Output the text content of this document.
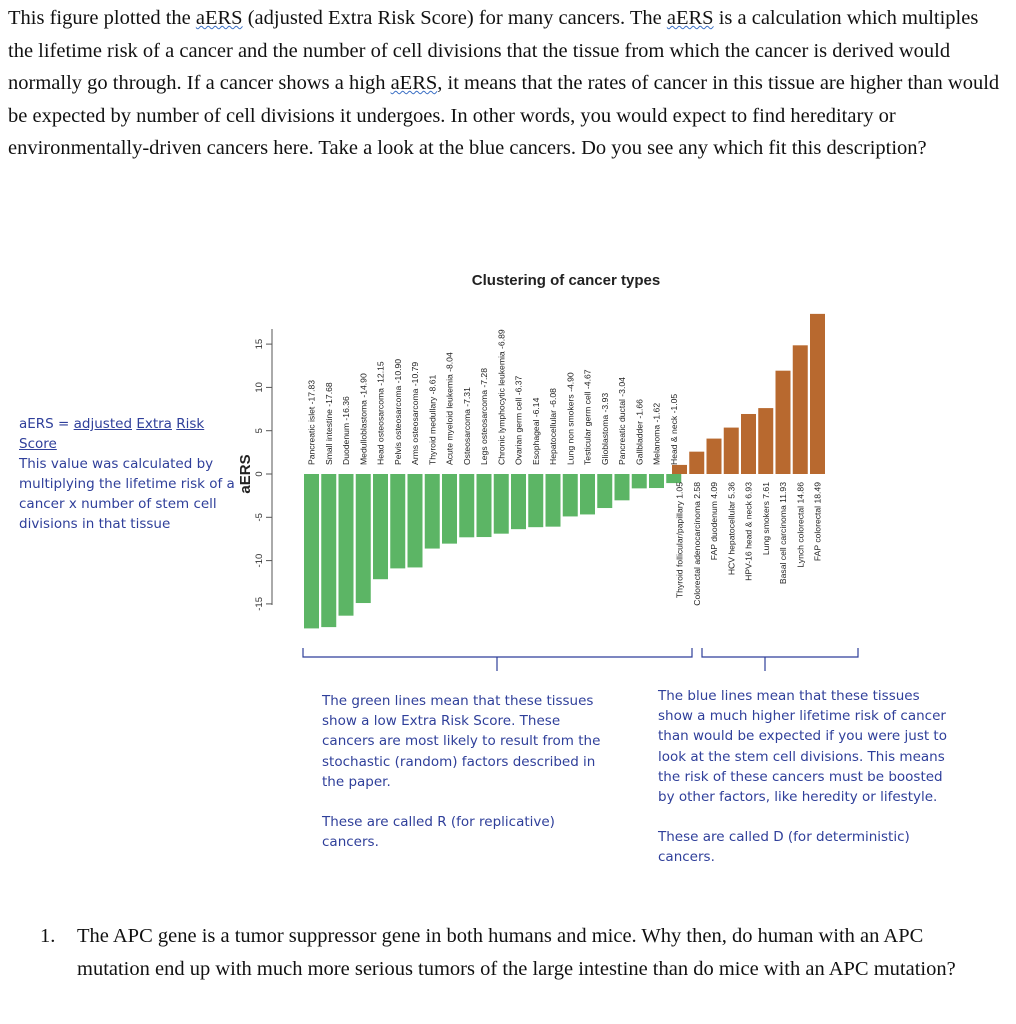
This figure plotted the aERS (adjusted Extra Risk Score) for many cancers. The aERS is a calculation which multiples the lifetime risk of a cancer and the number of cell divisions that the tissue from which the cancer is derived would normally go through. If a cancer shows a high aERS, it means that the rates of cancer in this tissue are higher than would be expected by number of cell divisions it undergoes. In other words, you would expect to find hereditary or environmentally-driven cancers here. Take a look at the blue cancers. Do you see any which fit this description?
aERS = adjusted Extra Risk Score
This value was calculated by multiplying the lifetime risk of a cancer x number of stem cell divisions in that tissue
Clustering of cancer types
aERS
-15
-10
-5
0
5
10
15
Pancreatic islet -17.83 Small intestine -17.68 Duodenum -16.36 Medulloblastoma -14.90 Head osteosarcoma -12.15 Pelvis osteosarcoma -10.90 Arms osteosarcoma -10.79 Thyroid medullary -8.61 Acute myeloid leukemia -8.04 Osteosarcoma -7.31 Legs osteosarcoma -7.28 Chronic lymphocytic leukemia -6.89 Ovarian germ cell -6.37 Esophageal -6.14 Hepatocellular -6.08 Lung non smokers -4.90 Testicular germ cell -4.67 Glioblastoma -3.93 Pancreatic ductal -3.04 Gallbladder -1.66 Melanoma -1.62 Head & neck -1.05
Thyroid follicular/papillary 1.05 Colorectal adenocarcinoma 2.58 FAP duodenum 4.09 HCV hepatocellular 5.36 HPV-16 head & neck 6.93 Lung smokers 7.61 Basal cell carcinoma 11.93 Lynch colorectal 14.86 FAP colorectal 18.49
The green lines mean that these tissues show a low Extra Risk Score. These cancers are most likely to result from the stochastic (random) factors described in the paper.
These are called R (for replicative) cancers.
The blue lines mean that these tissues show a much higher lifetime risk of cancer than would be expected if you were just to look at the stem cell divisions. This means the risk of these cancers must be boosted by other factors, like heredity or lifestyle.
These are called D (for deterministic) cancers.
1. The APC gene is a tumor suppressor gene in both humans and mice. Why then, do human with an APC mutation end up with much more serious tumors of the large intestine than do mice with an APC mutation?
